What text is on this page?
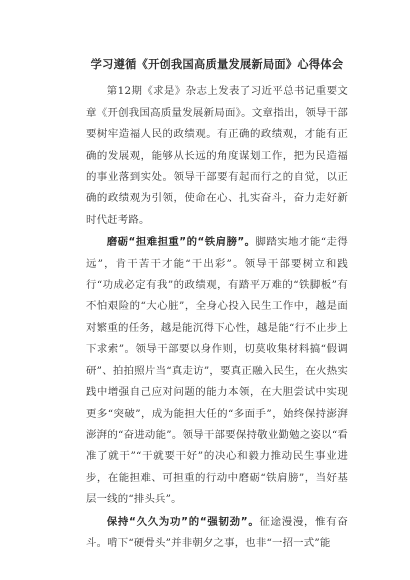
学习遵循《开创我国高质量发展新局面》心得体会

第12期《求是》杂志上发表了习近平总书记重要文章《开创我国高质量发展新局面》。文章指出，领导干部要树牢造福人民的政绩观。有正确的政绩观，才能有正确的发展观，能够从长远的角度谋划工作，把为民造福的事业落到实处。领导干部要有起而行之的自觉，以正确的政绩观为引领，使命在心、扎实奋斗，奋力走好新时代赶考路。

磨砺“担难担重”的“铁肩膀”。脚踏实地才能“走得远”，肯干苦干才能“干出彩”。领导干部要树立和践行“功成必定有我”的政绩观，有踏平万难的“铁脚板”有不怕艰险的“大心脏”，全身心投入民生工作中，越是面对繁重的任务，越是能沉得下心性，越是能“行不止步上下求索”。领导干部要以身作则，切莫收集材料搞“假调研”、拍拍照片当“真走访”，要真正融入民生，在火热实践中增强自己应对问题的能力本领，在大胆尝试中实现更多“突破”，成为能担大任的“多面手”，始终保持澎湃澎湃的“奋进动能”。领导干部要保持敬业勤勉之姿以“看准了就干”“干就要干好”的决心和毅力推动民生事业进步，在能担难、可担重的行动中磨砺“铁肩膀”，当好基层一线的“排头兵”。

保持“久久为功”的“强韧劲”。征途漫漫，惟有奋斗。啃下“硬骨头”并非朝夕之事，也非“一招一式”能
